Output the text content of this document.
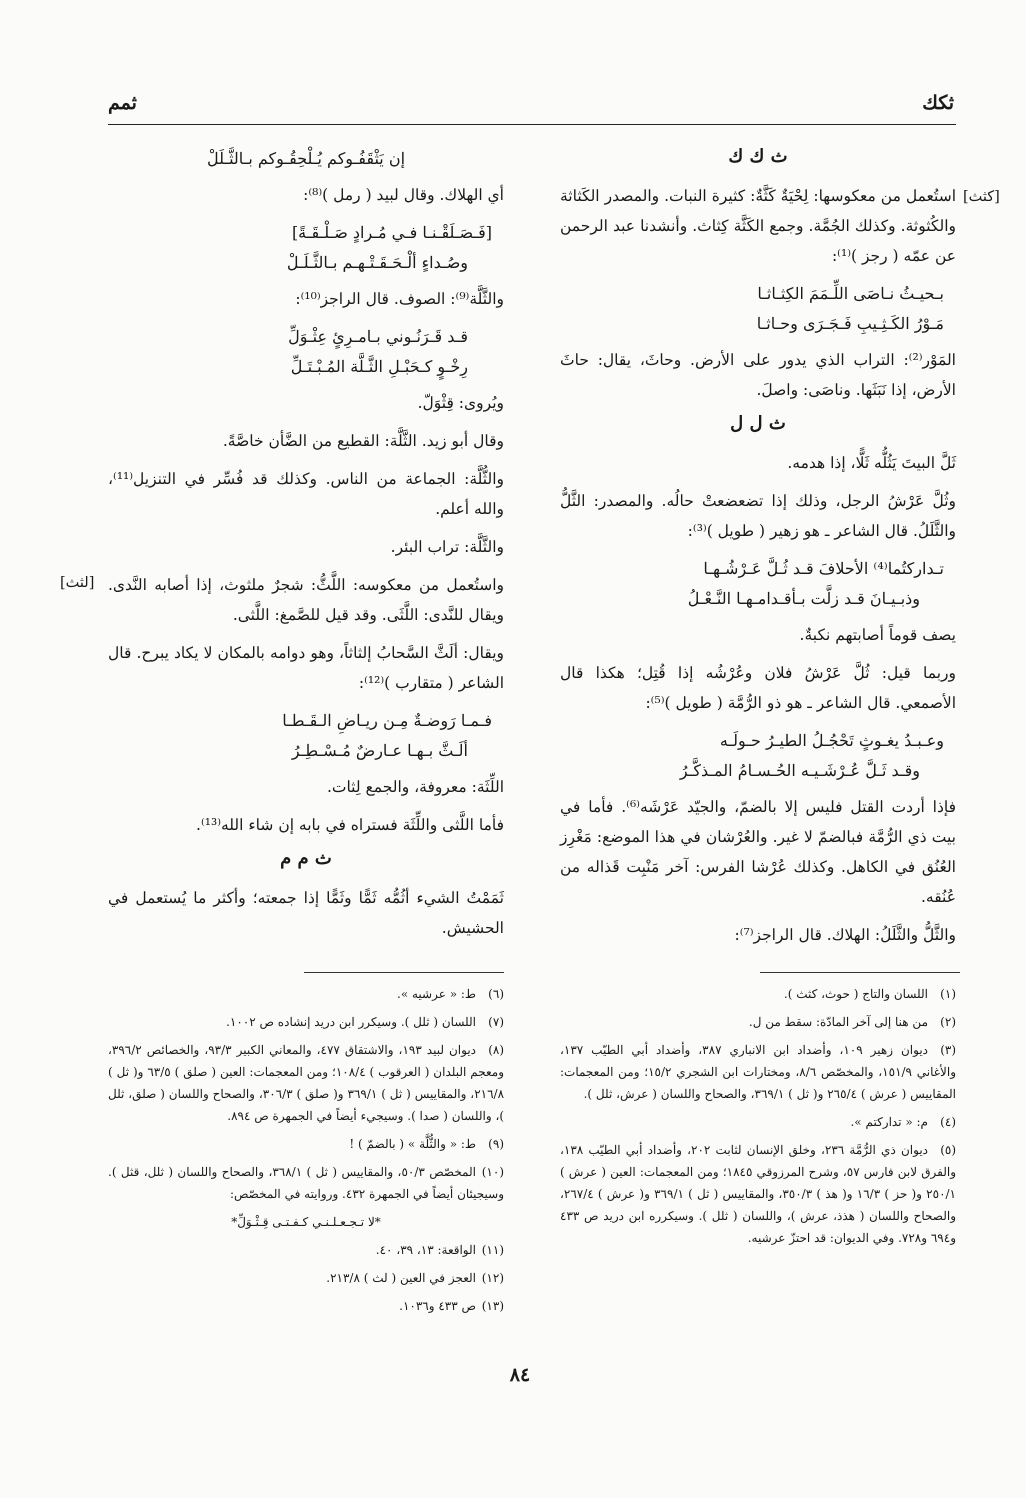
ثمم	ثكك
[كثث]
[لثث]
ث ك ك

استُعمل من معكوسها: لِحْيَةٌ كَثَّةٌ: كثيرة النبات. والمصدر الكَثاثة والكُثوثة. وكذلك الجُمَّة. وجمع الكَثَّة كِثاث. وأنشدنا عبد الرحمن عن عمّه ( رجز )⁽¹⁾:

بـحيـثُ نـاصَى اللِّـمَمَ الكِثـاثـا
مَـوْرُ الكَـثِـيبِ فَـجَـرَى وحـاثـا

المَوْر⁽²⁾: التراب الذي يدور على الأرض. وحاثَ، يقال: حاثَ الأرض، إذا نَبَثَها. وناصَى: واصلَ.

ث ل ل

ثَلَّ البيتَ يَثُلُّه ثَلًّا، إذا هدمه.

وثُلَّ عَرْشُ الرجل، وذلك إذا تضعضعتْ حالُه. والمصدر: الثَّلُّ والثَّلَلُ. قال الشاعر ـ هو زهير ( طويل )⁽³⁾:

تـداركتُما⁽⁴⁾ الأحلافَ قـد ثُـلَّ عَـرْشُـهـا
وذبـيـانَ قـد زلَّت بـأقـدامـهـا النَّـعْـلُ

يصف قوماً أصابتهم نكبةٌ.

وربما قيل: ثُلَّ عَرْشُ فلان وعُرْشُه إذا قُتِل؛ هكذا قال الأصمعي. قال الشاعر ـ هو ذو الرُّمَّة ( طويل )⁽⁵⁾:

وعـبـدُ يغـوثٍ تَحْجُـلُ الطيـرُ حـولَـه
وقـد ثَـلَّ عُـرْشَـيـه الحُـسـامُ المـذكَّـرُ

فإذا أردت القتل فليس إلا بالضمّ، والجيّد عَرْشَه⁽⁶⁾. فأما في بيت ذي الرُّمَّة فبالضمّ لا غير. والعُرْشان في هذا الموضع: مَغْرِز العُنُق في الكاهل. وكذلك عُرْشا الفرس: آخر مَنْبِت قَذاله من عُنُقه.

والثَّلُّ والثَّلَلُ: الهلاك. قال الراجز⁽⁷⁾:

إن يَثْقَفُـوكم يُـلْحِقُـوكم بـالثَّـلَلْ

أي الهلاك. وقال لبيد ( رمل )⁽⁸⁾:

[فَـصَـلَقْـنـا فـي مُـرادٍ صَـلْـقَـةً]
وصُـداءٍ ألْـحَـقَـتْـهـم بـالثَّـلَـلْ

والثَّلَّة⁽⁹⁾: الصوف. قال الراجز⁽¹⁰⁾:

قـد قَـرَنُـوني بـامـرِئٍ عِثْـوَلِّ
رِخْـوٍ كـحَبْـلِ الثَّـلَّة المُـبْـتَـلِّ

ويُروى: قِثْوَلّ.

وقال أبو زيد. الثَّلَّة: القطيع من الضَّأن خاصَّةً.

والثُّلَّة: الجماعة من الناس. وكذلك قد فُسِّر في التنزيل⁽¹¹⁾، والله أعلم.

والثَّلَّة: تراب البئر.

واستُعمل من معكوسه: اللَّثُّ: شجرٌ ملثوث، إذا أصابه النَّدى. ويقال للنَّدى: اللَّثَى. وقد قيل للصَّمغ: اللَّثى.

ويقال: ألَثَّ السَّحابُ إلثاثاً، وهو دوامه بالمكان لا يكاد يبرح. قال الشاعر ( متقارب )⁽¹²⁾:

فـمـا رَوضـةٌ مِـن ريـاضِ الـقَـطـا
ألَـثَّ بـهـا عـارضٌ مُـسْـطِـرُ

اللِّثَة: معروفة، والجمع لِثات.

فأما اللَّثى واللِّثَة فستراه في بابه إن شاء الله⁽¹³⁾.

ث م م

ثَمَمْتُ الشيء أثُمُّه ثَمًّا وثَمًّا إذا جمعته؛ وأكثر ما يُستعمل في الحشيش.

(١)اللسان والتاج ( حوث، كثث ).
(٢)من هنا إلى آخر المادّة: سقط من ل.
(٣)ديوان زهير ١٠٩، وأضداد ابن الانباري ٣٨٧، وأضداد أبي الطيّب ١٣٧، والأغاني ١٥١/٩، والمخصّص ٨/٦، ومختارات ابن الشجري ١٥/٢؛ ومن المعجمات: المقاييس ( عرش ) ٢٦٥/٤ و( ثل ) ٣٦٩/١، والصحاح واللسان ( عرش، ثلل ).
(٤)م: « تداركتم ».
(٥)ديوان ذي الرُّمَّة ٢٣٦، وخلق الإنسان لثابت ٢٠٢، وأضداد أبي الطيّب ١٣٨، والفرق لابن فارس ٥٧، وشرح المرزوقي ١٨٤٥؛ ومن المعجمات: العين ( عرش ) ٢٥٠/١ و( حز ) ١٦/٣ و( هذ ) ٣٥٠/٣، والمقاييس ( ثل ) ٣٦٩/١ و( عرش ) ٢٦٧/٤، والصحاح واللسان ( هذذ، عرش )، واللسان ( ثلل ). وسيكرره ابن دريد ص ٤٣٣ و٦٩٤ و٧٢٨. وفي الديوان: قد احتزّ عرشيه.
(٦)ط: « عرشيه ».
(٧)اللسان ( ثلل ). وسيكرر ابن دريد إنشاده ص ١٠٠٢.
(٨)ديوان لبيد ١٩٣، والاشتقاق ٤٧٧، والمعاني الكبير ٩٣/٣، والخصائص ٣٩٦/٢، ومعجم البلدان ( العرقوب ) ١٠٨/٤؛ ومن المعجمات: العين ( صلق ) ٦٣/٥ و( ثل ) ٢١٦/٨، والمقاييس ( ثل ) ٣٦٩/١ و( صلق ) ٣٠٦/٣، والصحاح واللسان ( صلق، ثلل )، واللسان ( صدا ). وسيجيء أيضاً في الجمهرة ص ٨٩٤.
(٩)ط: « والثُّلَّة » ( بالضمّ ) !
(١٠)المخصّص ٥٠/٣، والمقاييس ( ثل ) ٣٦٨/١، والصحاح واللسان ( ثلل، قثل ). وسيجيئان أيضاً في الجمهرة ٤٣٢. وروايته في المخصّص:
*لا تـجـعـلـنـي كـفـتـى قِـثْـوَلِّ*
(١١)الواقعة: ١٣، ٣٩، ٤٠.
(١٢)العجز في العين ( لث ) ٢١٣/٨.
(١٣)ص ٤٣٣ و١٠٣٦.
٨٤
